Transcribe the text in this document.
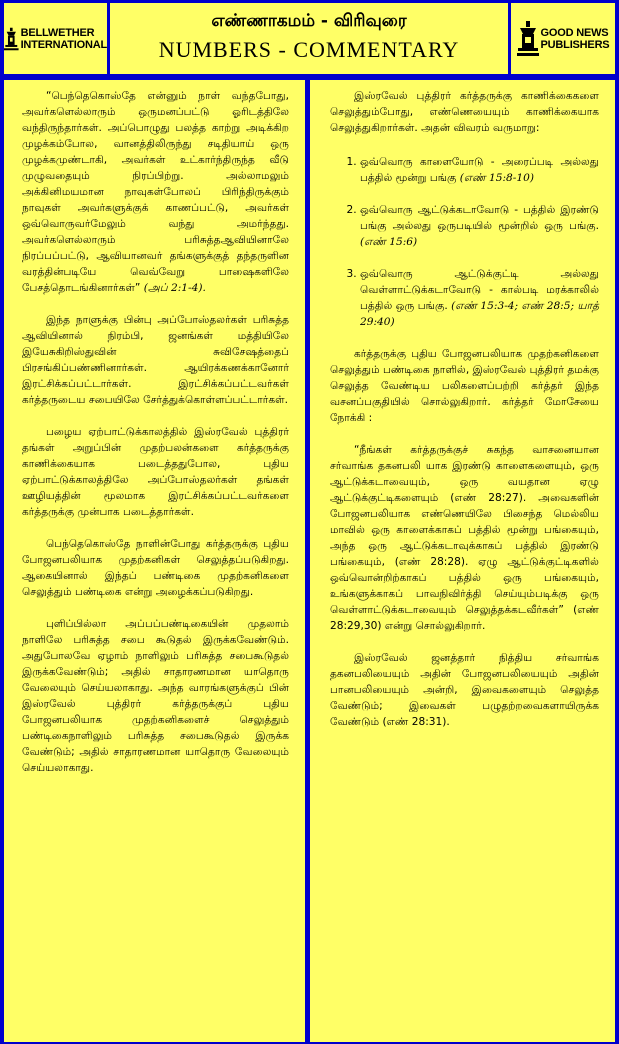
BELLWETHER
INTERNATIONAL
எண்ணாகமம் - விரிவுரை
NUMBERS - COMMENTARY
GOOD NEWS
PUBLISHERS

“பெந்தெகொஸ்தே என்னும் நாள் வந்தபோது, அவர்களெல்லாரும் ஒருமனப்பட்டு ஓரிடத்திலே வந்திருந்தார்கள். அப்பொழுது பலத்த காற்று அடிக்கிற முழக்கம்போல, வானத்திலிருந்து சடிதியாய் ஒரு முழக்கமுண்டாகி, அவர்கள் உட்கார்ந்திருந்த வீடு முழுவதையும் நிரப்பிற்று. அல்லாமலும் அக்கினிமயமான நாவுகள்போலப் பிரிந்திருக்கும் நாவுகள் அவர்களுக்குக் காணப்பட்டு, அவர்கள் ஒவ்வொருவர்மேலும் வந்து அமர்ந்தது. அவர்களெல்லாரும் பரிசுத்தஆவியினாலே நிரப்பப்பட்டு, ஆவியானவர் தங்களுக்குத் தந்தருளின வரத்தின்படியே வெவ்வேறு பாஷைகளிலே பேசத்தொடங்கினார்கள்” (அப் 2:1-4).

இந்த நாளுக்கு பின்பு அப்போஸ்தலர்கள் பரிசுத்த ஆவியினால் நிரம்பி, ஜனங்கள் மத்தியிலே இயேசுகிறிஸ்துவின் சுவிசேஷத்தைப் பிரசங்கிப்பண்ணினார்கள். ஆயிரக்கணக்கானோர் இரட்சிக்கப்பட்டார்கள். இரட்சிக்கப்பட்டவர்கள் கர்த்தருடைய சபையிலே சேர்த்துக்கொள்ளப்பட்டார்கள்.

பழைய ஏற்பாட்டுக்காலத்தில் இஸ்ரவேல் புத்திரர் தங்கள் அறுப்பின் முதற்பலன்களை கர்த்தருக்கு காணிக்கையாக படைத்ததுபோல, புதிய ஏற்பாட்டுக்காலத்திலே அப்போஸ்தலர்கள் தங்கள் ஊழியத்தின் மூலமாக இரட்சிக்கப்பட்டவர்களை கர்த்தருக்கு முன்பாக படைத்தார்கள்.

பெந்தெகொஸ்தே நாளின்போது கர்த்தருக்கு புதிய போஜனபலியாக முதற்கனிகள் செலுத்தப்படுகிறது. ஆகையினால் இந்தப் பண்டிகை முதற்கனிகளை செலுத்தும் பண்டிகை என்று அழைக்கப்படுகிறது.

புளிப்பில்லா அப்பப்பண்டிகையின் முதலாம் நாளிலே பரிசுத்த சபை கூடுதல் இருக்கவேண்டும். அதுபோலவே ஏழாம் நாளிலும் பரிசுத்த சபைகூடுதல் இருக்கவேண்டும்; அதில் சாதாரணமான யாதொரு வேலையும் செய்யலாகாது. அந்த வாரங்களுக்குப் பின் இஸ்ரவேல் புத்திரர் கர்த்தருக்குப் புதிய போஜனபலியாக முதற்கனிகளைச் செலுத்தும் பண்டிகைநாளிலும் பரிசுத்த சபைகூடுதல் இருக்க வேண்டும்; அதில் சாதாரணமான யாதொரு வேலையும் செய்யலாகாது.

இஸ்ரவேல் புத்திரர் கர்த்தருக்கு காணிக்கைகளை செலுத்தும்போது, எண்ணெயையும் காணிக்கையாக செலுத்துகிறார்கள். அதன் விவரம் வருமாறு:

1. ஒவ்வொரு காளையோடு - அரைப்படி அல்லது பத்தில் மூன்று பங்கு (எண் 15:8-10)
2. ஒவ்வொரு ஆட்டுக்கடாவோடு - பத்தில் இரண்டு பங்கு அல்லது ஒருபடியில் மூன்றில் ஒரு பங்கு. (எண் 15:6)
3. ஒவ்வொரு ஆட்டுக்குட்டி அல்லது வெள்ளாட்டுக்கடாவோடு - கால்படி மரக்காலில் பத்தில் ஒரு பங்கு. (எண் 15:3-4; எண் 28:5; யாத் 29:40)

கர்த்தருக்கு புதிய போஜனபலியாக முதற்கனிகளை செலுத்தும் பண்டிகை நாளில், இஸ்ரவேல் புத்திரர் தமக்கு செலுத்த வேண்டிய பலிகளைப்பற்றி கர்த்தர் இந்த வசனப்பகுதியில் சொல்லுகிறார். கர்த்தர் மோசேயை நோக்கி :

“நீங்கள் கர்த்தருக்குச் சுகந்த வாசனையான சர்வாங்க தகனபலி யாக இரண்டு காளைகளையும், ஒரு ஆட்டுக்கடாவையும், ஒரு வயதான ஏழு ஆட்டுக்குட்டிகளையும் (எண் 28:27). அவைகளின் போஜனபலியாக எண்ணெயிலே பிசைந்த மெல்லிய மாவில் ஒரு காளைக்காகப் பத்தில் மூன்று பங்கையும், அந்த ஒரு ஆட்டுக்கடாவுக்காகப் பத்தில் இரண்டு பங்கையும், (எண் 28:28). ஏழு ஆட்டுக்குட்டிகளில் ஒவ்வொன்றிற்காகப் பத்தில் ஒரு பங்கையும், உங்களுக்காகப் பாவநிவிர்த்தி செய்யும்படிக்கு ஒரு வெள்ளாட்டுக்கடாவையும் செலுத்தக்கடவீர்கள்” (எண் 28:29,30) என்று சொல்லுகிறார்.

இஸ்ரவேல் ஜனத்தார் நித்திய சர்வாங்க தகனபலியையும் அதின் போஜனபலியையும் அதின் பானபலியையும் அன்றி, இவைகளையும் செலுத்த வேண்டும்; இவைகள் பழுதற்றவைகளாயிருக்க வேண்டும் (எண் 28:31).
